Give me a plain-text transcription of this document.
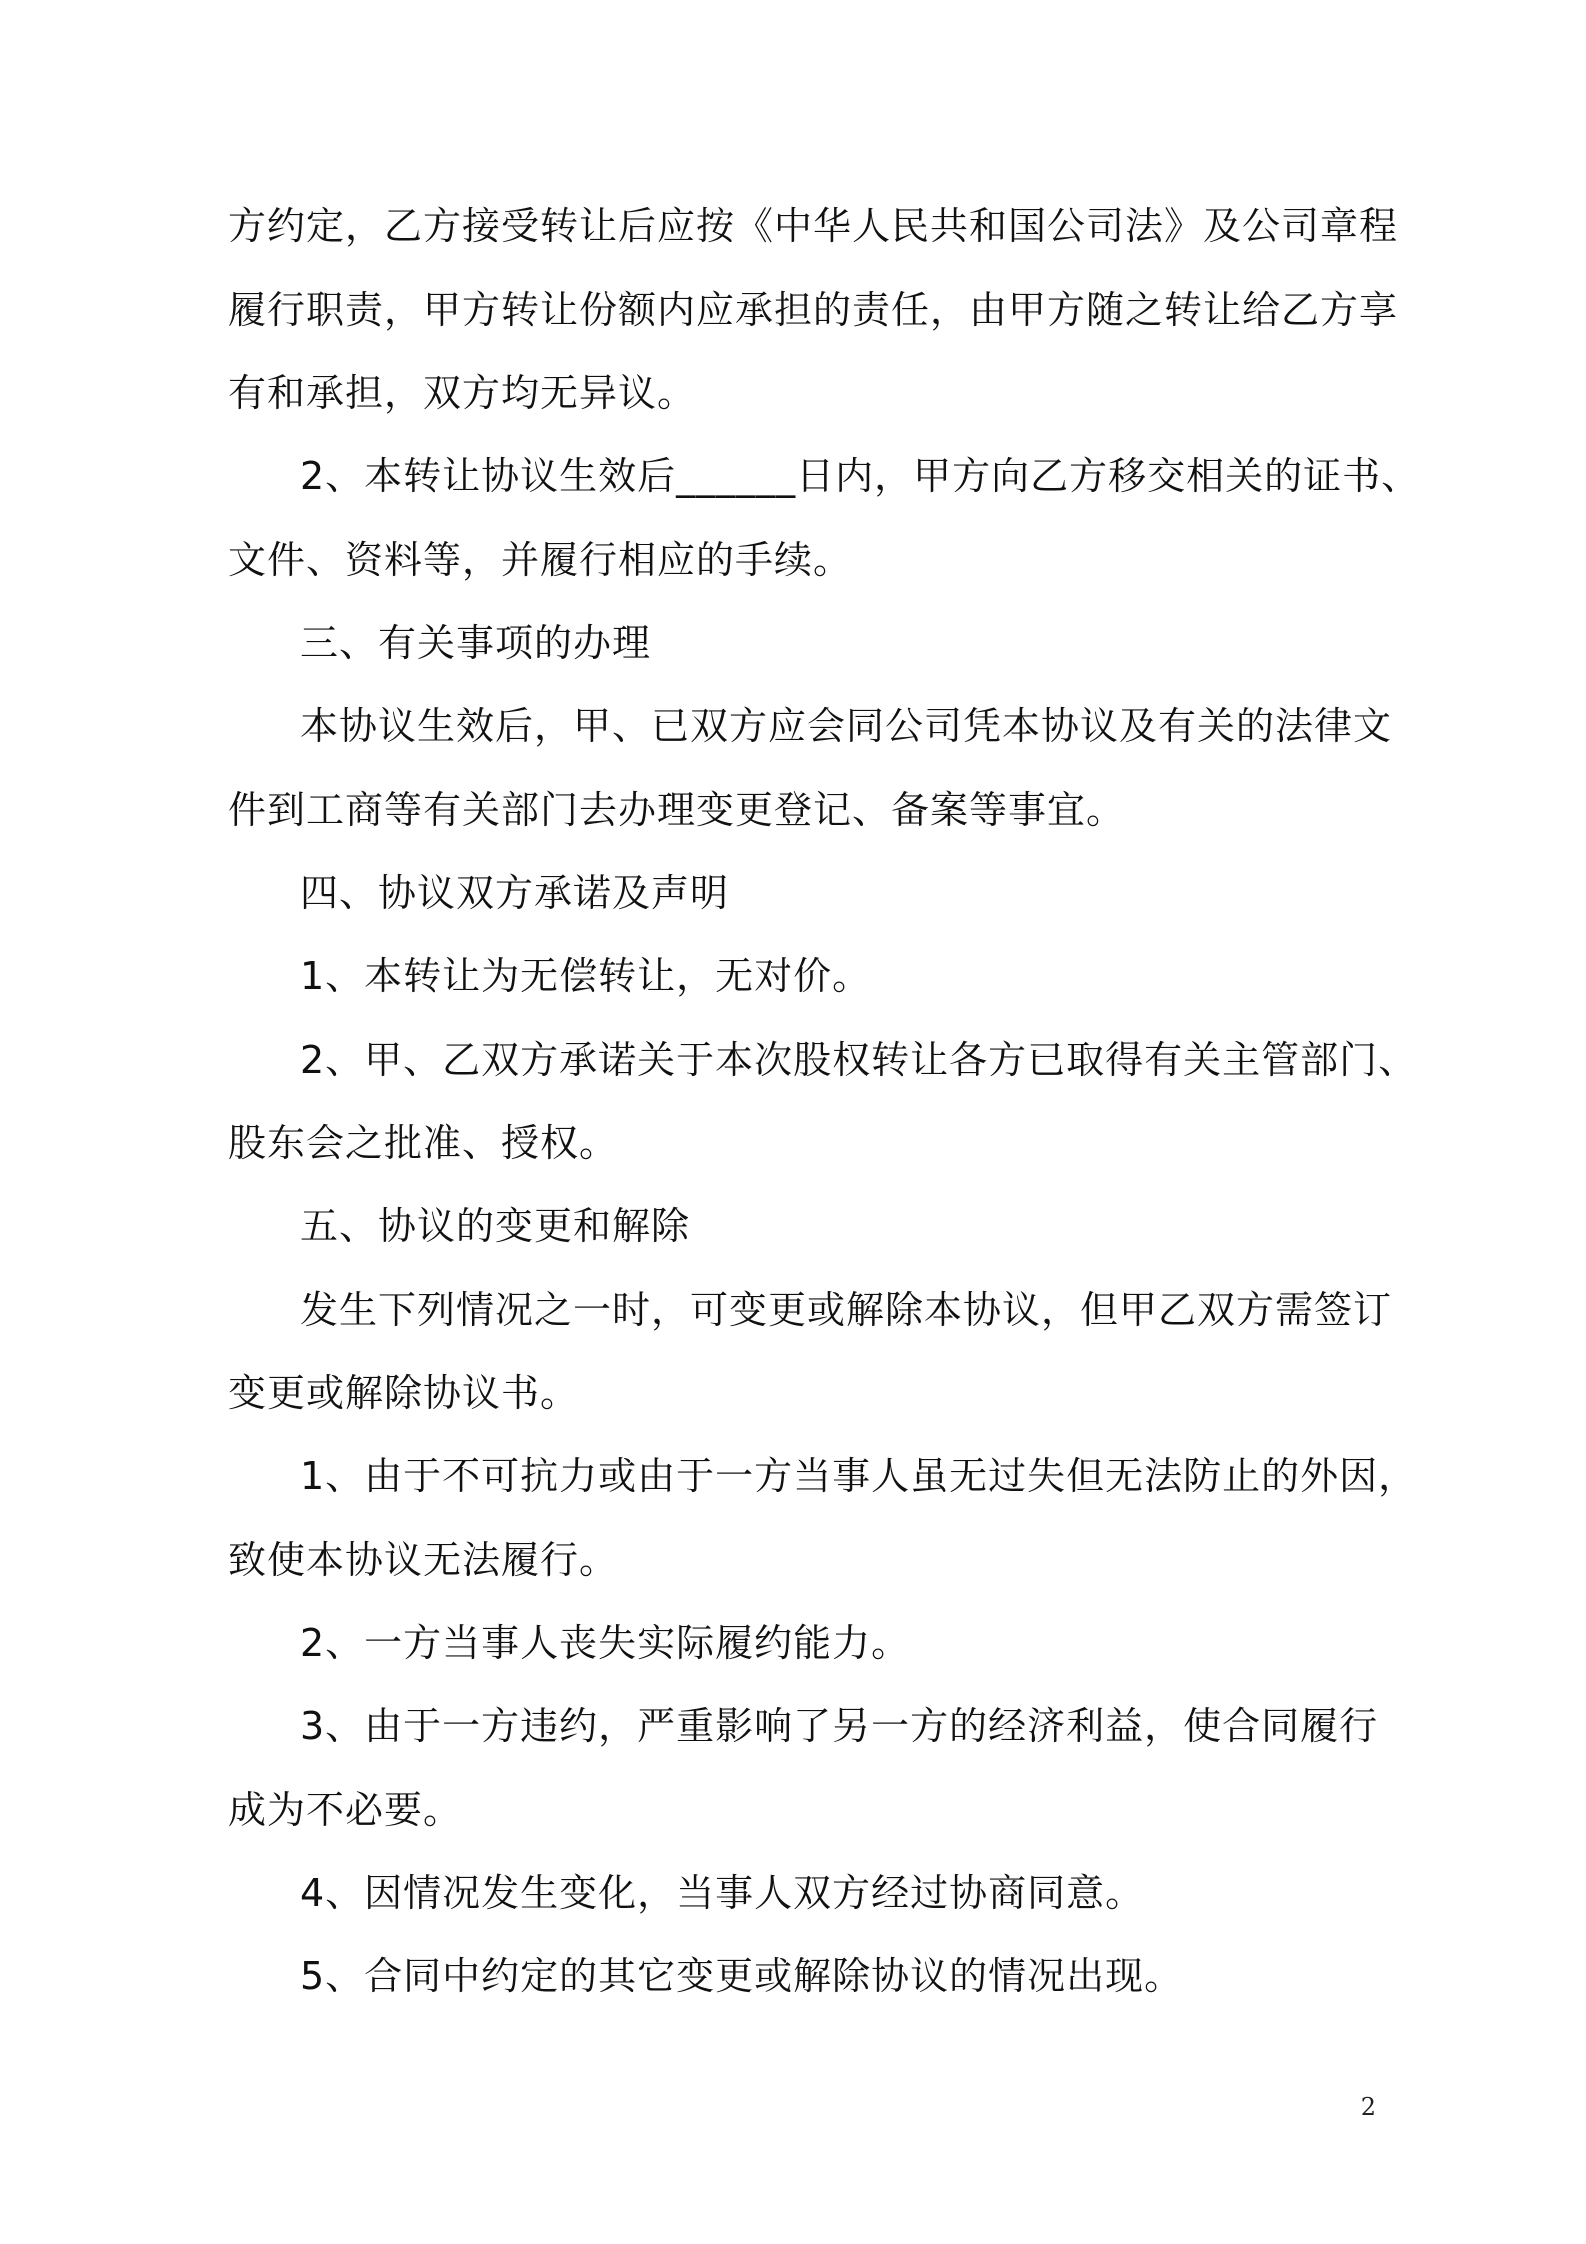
方约定，乙方接受转让后应按《中华人民共和国公司法》及公司章程
履行职责，甲方转让份额内应承担的责任，由甲方随之转让给乙方享
有和承担，双方均无异议。
2、本转让协议生效后______日内，甲方向乙方移交相关的证书、
文件、资料等，并履行相应的手续。
三、有关事项的办理
本协议生效后，甲、已双方应会同公司凭本协议及有关的法律文
件到工商等有关部门去办理变更登记、备案等事宜。
四、协议双方承诺及声明
1、本转让为无偿转让，无对价。
2、甲、乙双方承诺关于本次股权转让各方已取得有关主管部门、
股东会之批准、授权。
五、协议的变更和解除
发生下列情况之一时，可变更或解除本协议，但甲乙双方需签订
变更或解除协议书。
1、由于不可抗力或由于一方当事人虽无过失但无法防止的外因，
致使本协议无法履行。
2、一方当事人丧失实际履约能力。
3、由于一方违约，严重影响了另一方的经济利益，使合同履行
成为不必要。
4、因情况发生变化，当事人双方经过协商同意。
5、合同中约定的其它变更或解除协议的情况出现。
2
